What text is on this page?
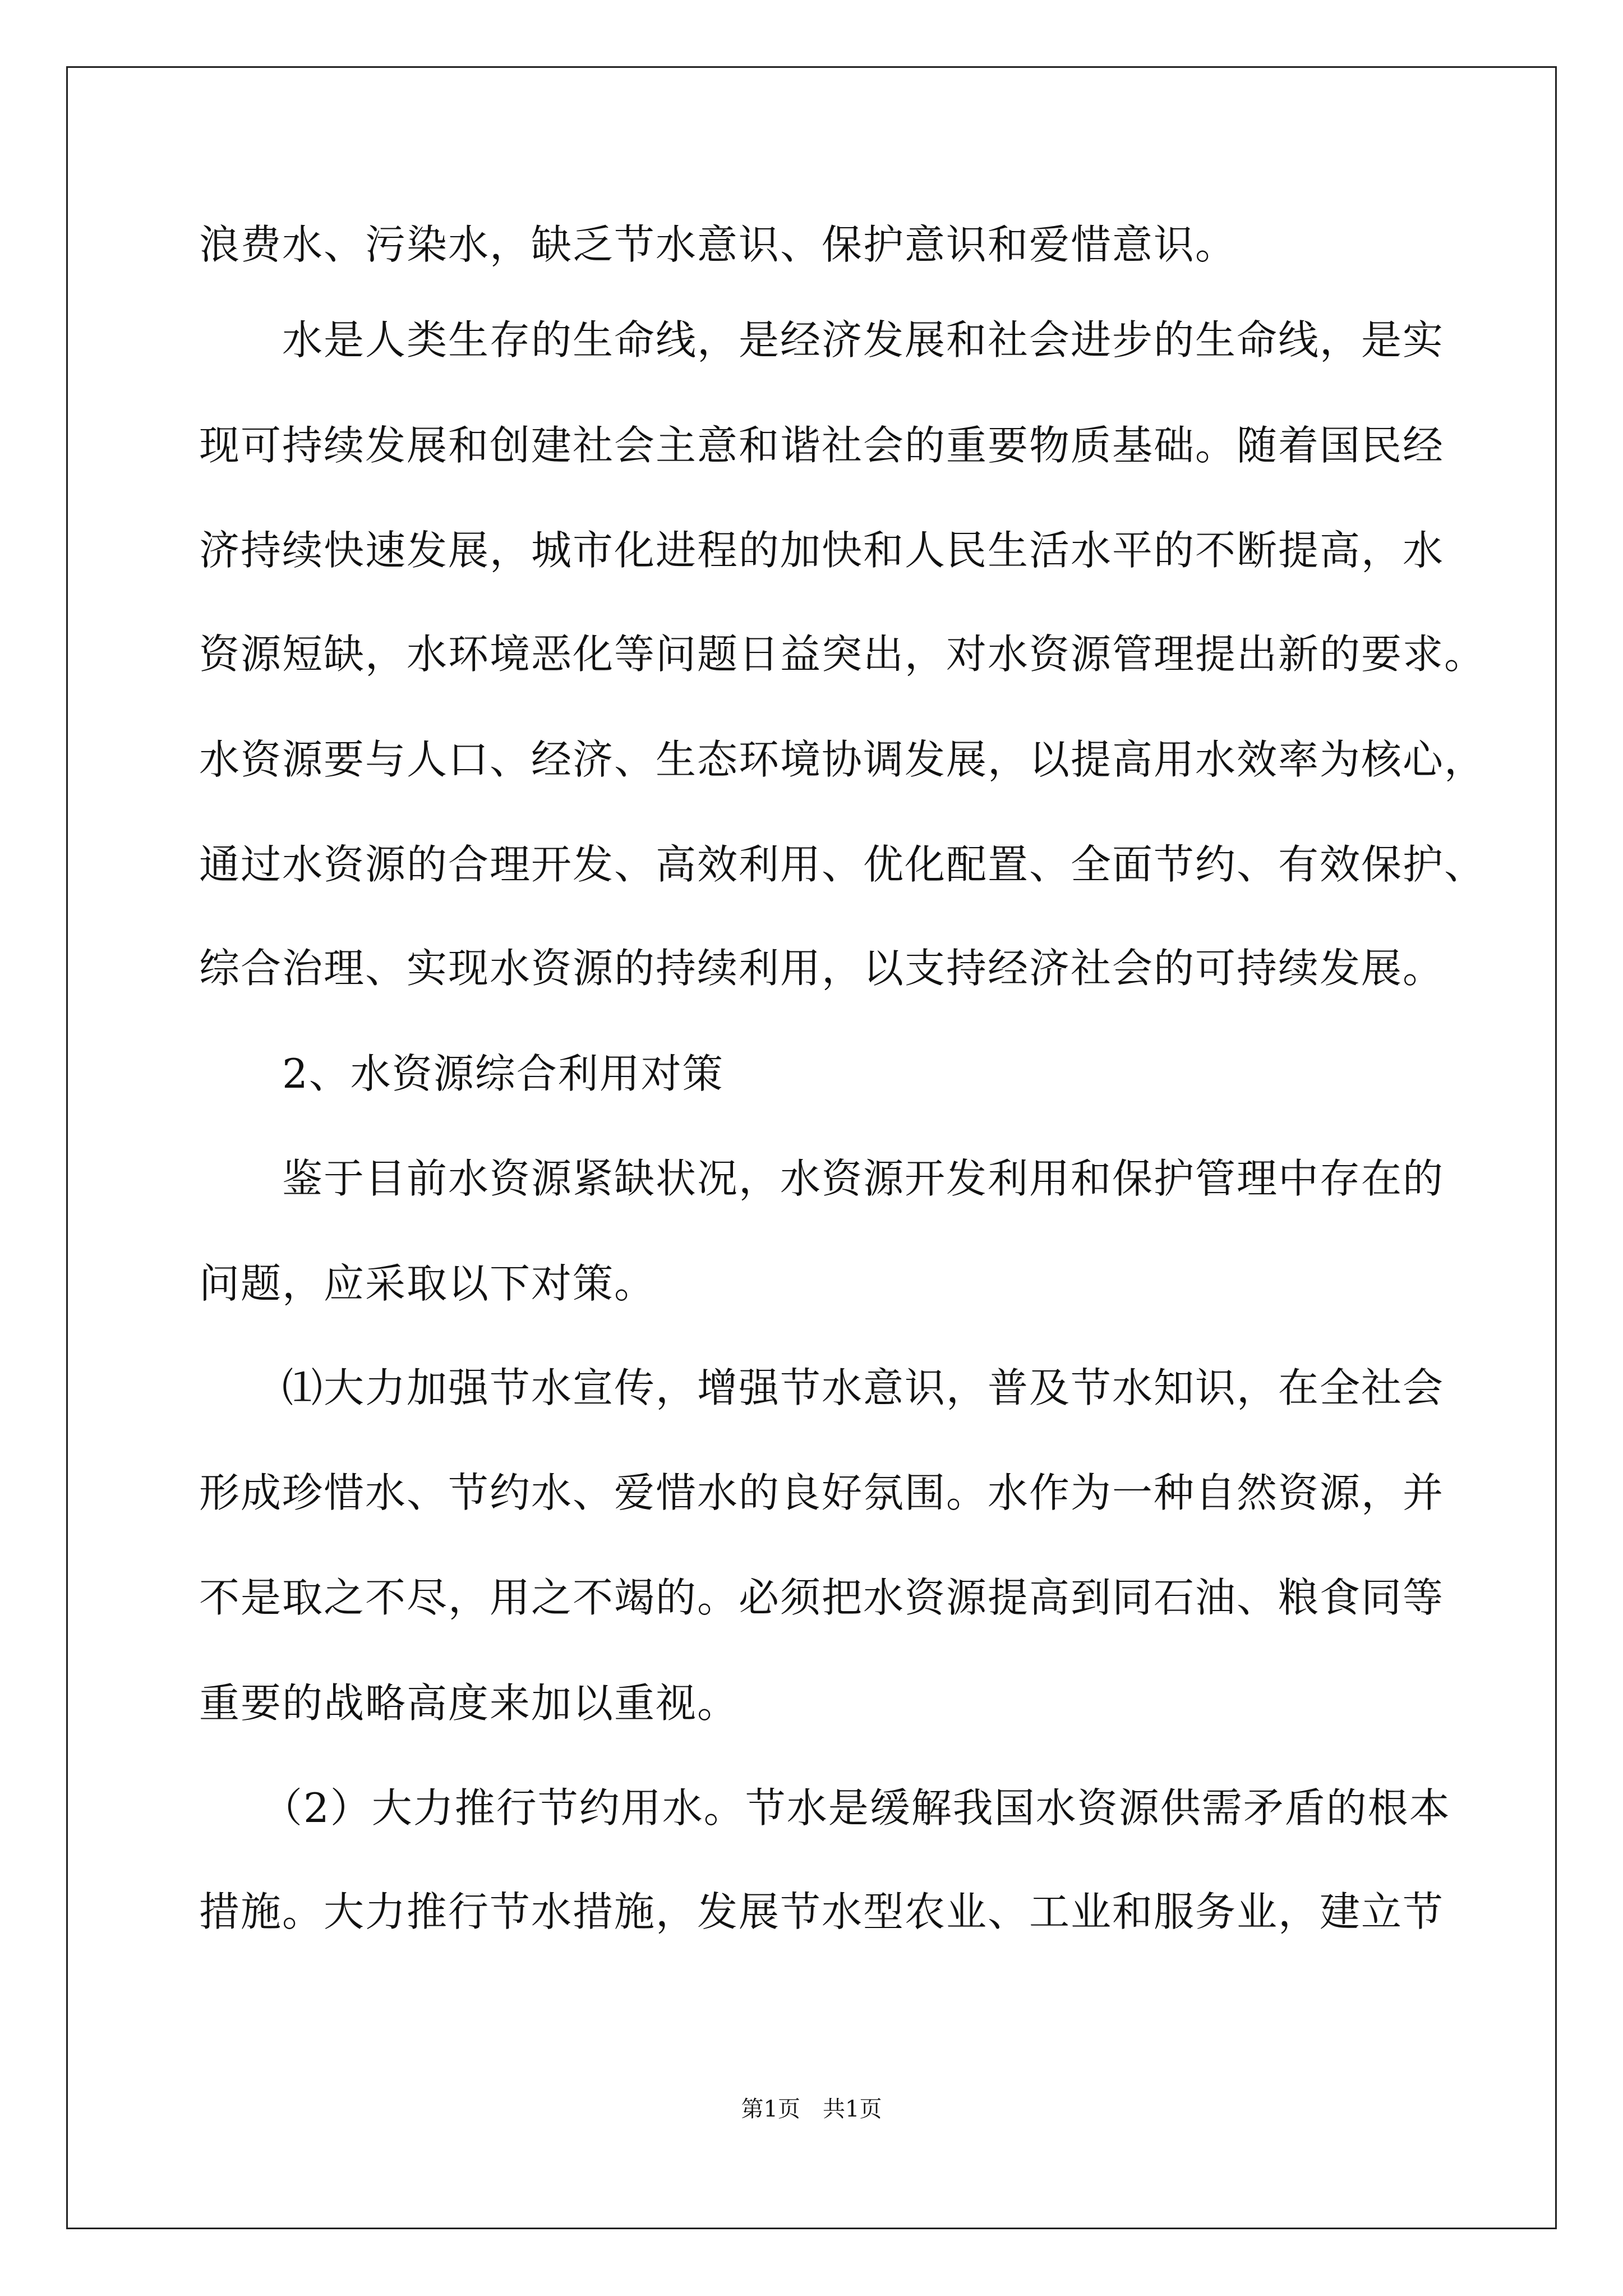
浪费水、污染水，缺乏节水意识、保护意识和爱惜意识。
　　水是人类生存的生命线，是经济发展和社会进步的生命线，是实
现可持续发展和创建社会主意和谐社会的重要物质基础。随着国民经
济持续快速发展，城市化进程的加快和人民生活水平的不断提高，水
资源短缺，水环境恶化等问题日益突出，对水资源管理提出新的要求。
水资源要与人口、经济、生态环境协调发展，以提高用水效率为核心，
通过水资源的合理开发、高效利用、优化配置、全面节约、有效保护、
综合治理、实现水资源的持续利用，以支持经济社会的可持续发展。
　　2、水资源综合利用对策
　　鉴于目前水资源紧缺状况，水资源开发利用和保护管理中存在的
问题，应采取以下对策。
　　⑴大力加强节水宣传，增强节水意识，普及节水知识，在全社会
形成珍惜水、节约水、爱惜水的良好氛围。水作为一种自然资源，并
不是取之不尽，用之不竭的。必须把水资源提高到同石油、粮食同等
重要的战略高度来加以重视。
　　（2）大力推行节约用水。节水是缓解我国水资源供需矛盾的根本
措施。大力推行节水措施，发展节水型农业、工业和服务业，建立节
第1页　共1页
